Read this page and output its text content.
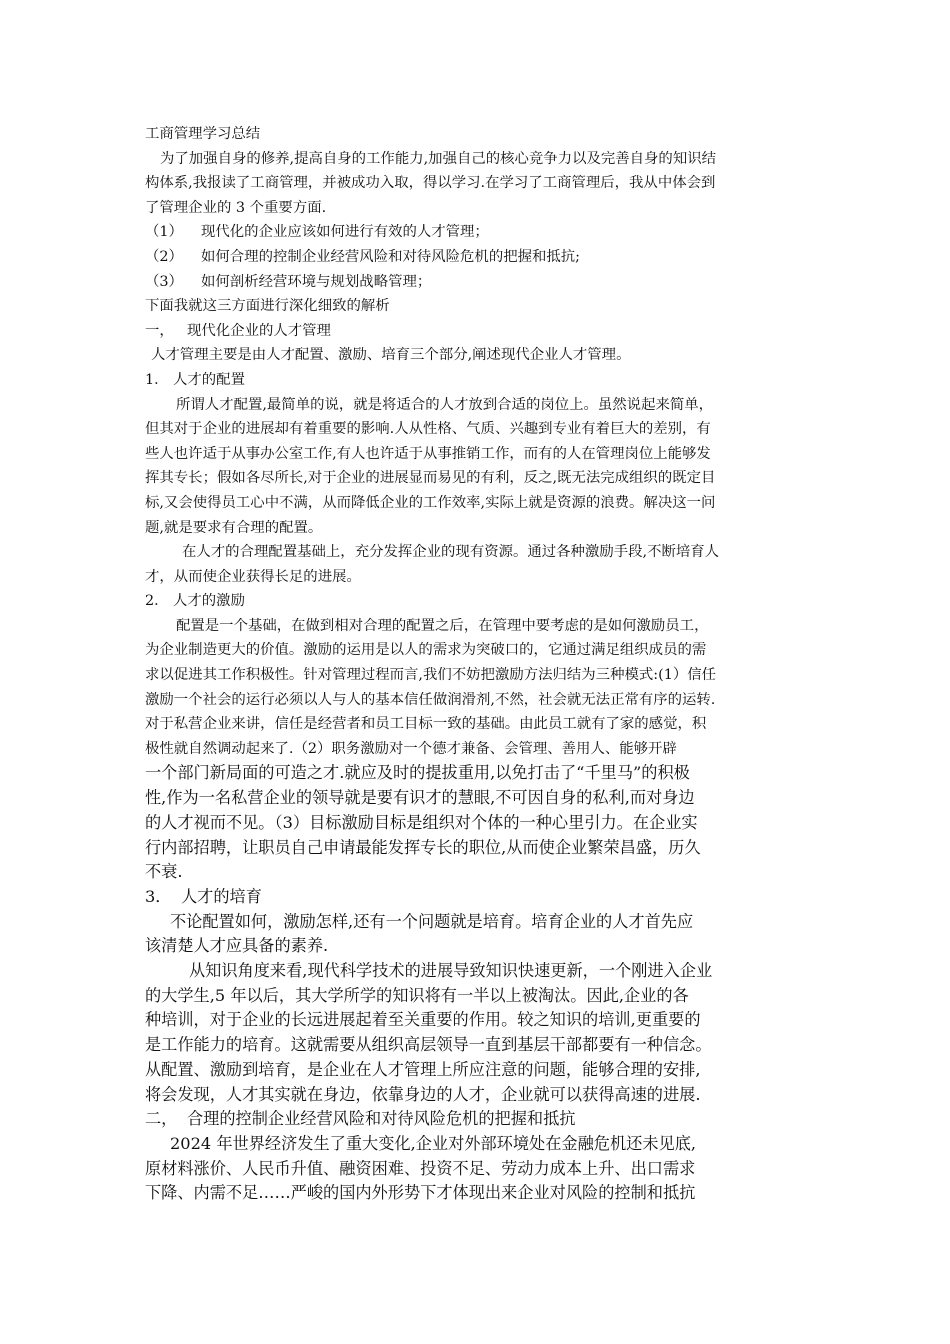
工商管理学习总结

为了加强自身的修养,提高自身的工作能力,加强自己的核心竞争力以及完善自身的知识结

构体系,我报读了工商管理，并被成功入取，得以学习.在学习了工商管理后，我从中体会到

了管理企业的 3 个重要方面.

（1） 现代化的企业应该如何进行有效的人才管理；

（2） 如何合理的控制企业经营风险和对待风险危机的把握和抵抗;

（3） 如何剖析经营环境与规划战略管理；

下面我就这三方面进行深化细致的解析

一， 现代化企业的人才管理

人才管理主要是由人才配置、激励、培育三个部分,阐述现代企业人才管理。

1． 人才的配置

所谓人才配置,最简单的说，就是将适合的人才放到合适的岗位上。虽然说起来简单，

但其对于企业的进展却有着重要的影响.人从性格、气质、兴趣到专业有着巨大的差别，有

些人也许适于从事办公室工作,有人也许适于从事推销工作，而有的人在管理岗位上能够发

挥其专长；假如各尽所长,对于企业的进展显而易见的有利，反之,既无法完成组织的既定目

标,又会使得员工心中不满，从而降低企业的工作效率,实际上就是资源的浪费。解决这一问

题,就是要求有合理的配置。

在人才的合理配置基础上，充分发挥企业的现有资源。通过各种激励手段,不断培育人

才，从而使企业获得长足的进展。

2． 人才的激励

配置是一个基础，在做到相对合理的配置之后，在管理中要考虑的是如何激励员工，

为企业制造更大的价值。激励的运用是以人的需求为突破口的，它通过满足组织成员的需

求以促进其工作积极性。针对管理过程而言,我们不妨把激励方法归结为三种模式:(1）信任

激励一个社会的运行必须以人与人的基本信任做润滑剂,不然，社会就无法正常有序的运转.

对于私营企业来讲，信任是经营者和员工目标一致的基础。由此员工就有了家的感觉，积

极性就自然调动起来了.（2）职务激励对一个德才兼备、会管理、善用人、能够开辟

一个部门新局面的可造之才.就应及时的提拔重用,以免打击了“千里马”的积极

性,作为一名私营企业的领导就是要有识才的慧眼,不可因自身的私利,而对身边

的人才视而不见。（3）目标激励目标是组织对个体的一种心里引力。在企业实

行内部招聘，让职员自己申请最能发挥专长的职位,从而使企业繁荣昌盛，历久

不衰.

3． 人才的培育

不论配置如何，激励怎样,还有一个问题就是培育。培育企业的人才首先应

该清楚人才应具备的素养.

从知识角度来看,现代科学技术的进展导致知识快速更新，一个刚进入企业

的大学生,5 年以后，其大学所学的知识将有一半以上被淘汰。因此,企业的各

种培训，对于企业的长远进展起着至关重要的作用。较之知识的培训,更重要的

是工作能力的培育。这就需要从组织高层领导一直到基层干部都要有一种信念。

从配置、激励到培育，是企业在人才管理上所应注意的问题，能够合理的安排,

将会发现，人才其实就在身边，依靠身边的人才，企业就可以获得高速的进展.

二， 合理的控制企业经营风险和对待风险危机的把握和抵抗

2024 年世界经济发生了重大变化,企业对外部环境处在金融危机还未见底,

原材料涨价、人民币升值、融资困难、投资不足、劳动力成本上升、出口需求

下降、内需不足……严峻的国内外形势下才体现出来企业对风险的控制和抵抗
